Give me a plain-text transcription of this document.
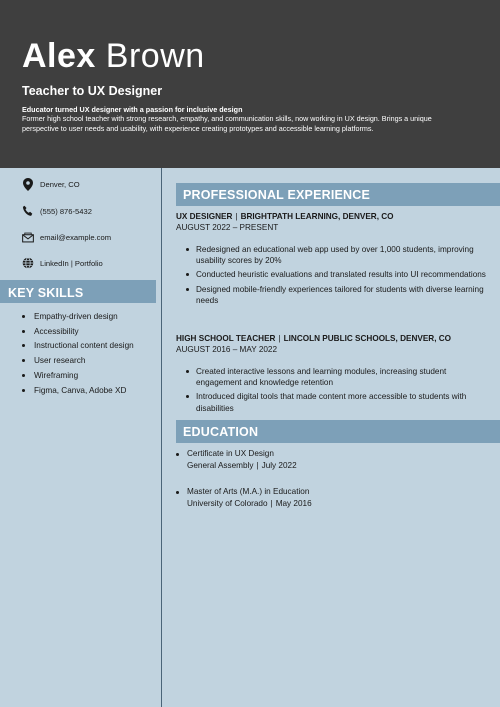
Alex Brown
Teacher to UX Designer
Educator turned UX designer with a passion for inclusive design
Former high school teacher with strong research, empathy, and communication skills, now working in UX design. Brings a unique perspective to user needs and usability, with experience creating prototypes and accessible learning platforms.
Denver, CO
(555) 876-5432
email@example.com
LinkedIn | Portfolio
KEY SKILLS
Empathy-driven design
Accessibility
Instructional content design
User research
Wireframing
Figma, Canva, Adobe XD
PROFESSIONAL EXPERIENCE
UX DESIGNER | BRIGHTPATH LEARNING, DENVER, CO
AUGUST 2022 – PRESENT
Redesigned an educational web app used by over 1,000 students, improving usability scores by 20%
Conducted heuristic evaluations and translated results into UI recommendations
Designed mobile-friendly experiences tailored for students with diverse learning needs
HIGH SCHOOL TEACHER | LINCOLN PUBLIC SCHOOLS, DENVER, CO
AUGUST 2016 – MAY 2022
Created interactive lessons and learning modules, increasing student engagement and knowledge retention
Introduced digital tools that made content more accessible to students with disabilities
EDUCATION
Certificate in UX Design
General Assembly | July 2022
Master of Arts (M.A.) in Education
University of Colorado | May 2016
